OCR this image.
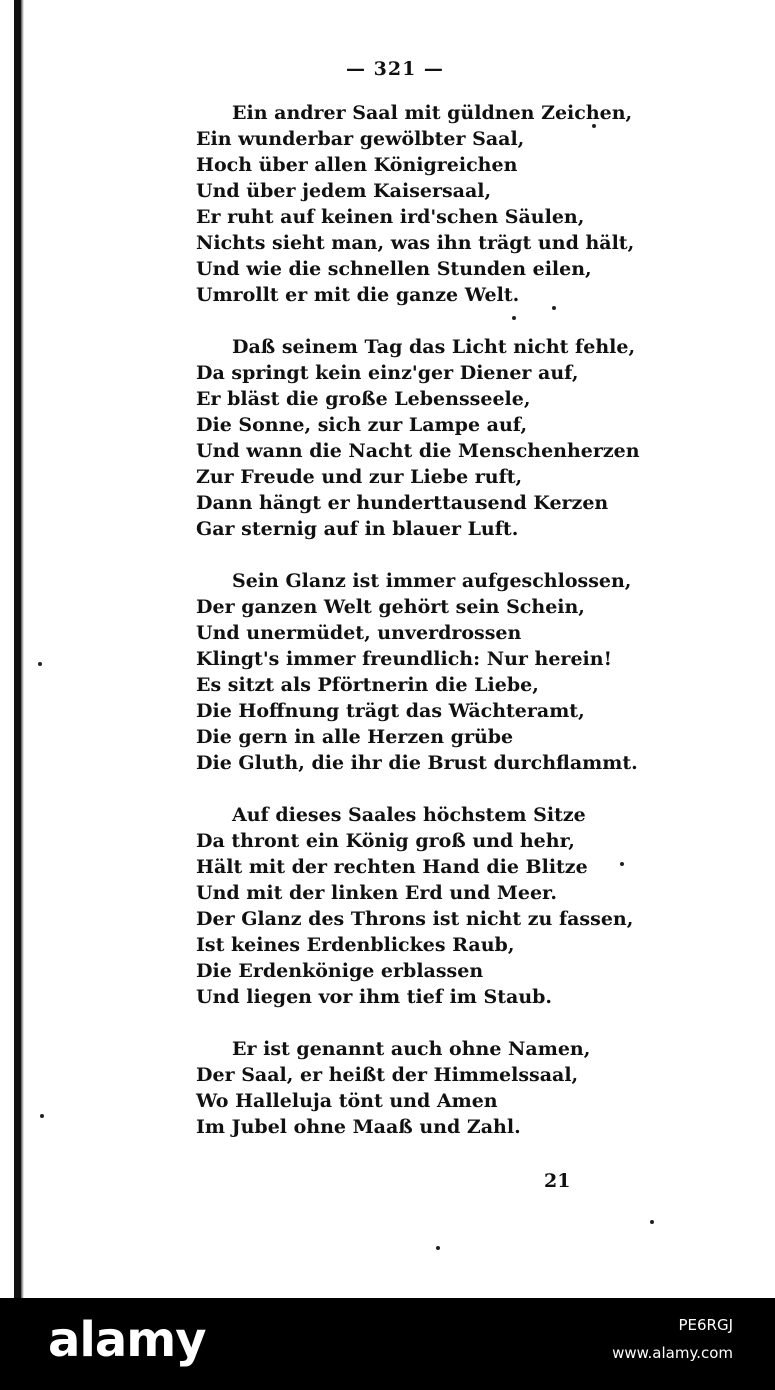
— 321 —
Ein andrer Saal mit güldnen Zeichen,
Ein wunderbar gewölbter Saal,
Hoch über allen Königreichen
Und über jedem Kaisersaal,
Er ruht auf keinen ird'schen Säulen,
Nichts sieht man, was ihn trägt und hält,
Und wie die schnellen Stunden eilen,
Umrollt er mit die ganze Welt.
Daß seinem Tag das Licht nicht fehle,
Da springt kein einz'ger Diener auf,
Er bläst die große Lebensseele,
Die Sonne, sich zur Lampe auf,
Und wann die Nacht die Menschenherzen
Zur Freude und zur Liebe ruft,
Dann hängt er hunderttausend Kerzen
Gar sternig auf in blauer Luft.
Sein Glanz ist immer aufgeschlossen,
Der ganzen Welt gehört sein Schein,
Und unermüdet, unverdrossen
Klingt's immer freundlich: Nur herein!
Es sitzt als Pförtnerin die Liebe,
Die Hoffnung trägt das Wächteramt,
Die gern in alle Herzen grübe
Die Gluth, die ihr die Brust durchflammt.
Auf dieses Saales höchstem Sitze
Da thront ein König groß und hehr,
Hält mit der rechten Hand die Blitze
Und mit der linken Erd und Meer.
Der Glanz des Throns ist nicht zu fassen,
Ist keines Erdenblickes Raub,
Die Erdenkönige erblassen
Und liegen vor ihm tief im Staub.
Er ist genannt auch ohne Namen,
Der Saal, er heißt der Himmelssaal,
Wo Halleluja tönt und Amen
Im Jubel ohne Maaß und Zahl.
21
alamy	PE6RGJ
www.alamy.com
